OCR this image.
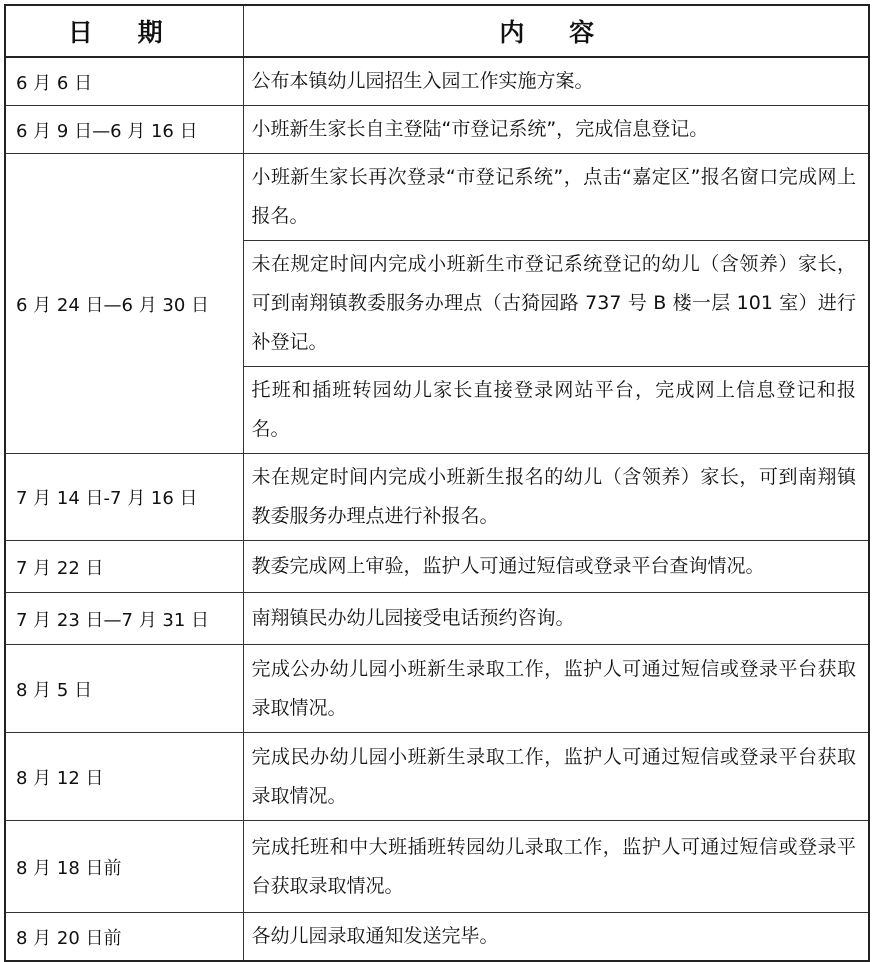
日 期	内 容
6 月 6 日	公布本镇幼儿园招生入园工作实施方案。
6 月 9 日—6 月 16 日	小班新生家长自主登陆“市登记系统”，完成信息登记。
6 月 24 日—6 月 30 日	小班新生家长再次登录“市登记系统”，点击“嘉定区”报名窗口完成网上报名。
	未在规定时间内完成小班新生市登记系统登记的幼儿（含领养）家长，可到南翔镇教委服务办理点（古猗园路 737 号 B 楼一层 101 室）进行补登记。
	托班和插班转园幼儿家长直接登录网站平台，完成网上信息登记和报名。
7 月 14 日-7 月 16 日	未在规定时间内完成小班新生报名的幼儿（含领养）家长，可到南翔镇教委服务办理点进行补报名。
7 月 22 日	教委完成网上审验，监护人可通过短信或登录平台查询情况。
7 月 23 日—7 月 31 日	南翔镇民办幼儿园接受电话预约咨询。
8 月 5 日	完成公办幼儿园小班新生录取工作，监护人可通过短信或登录平台获取录取情况。
8 月 12 日	完成民办幼儿园小班新生录取工作，监护人可通过短信或登录平台获取录取情况。
8 月 18 日前	完成托班和中大班插班转园幼儿录取工作，监护人可通过短信或登录平台获取录取情况。
8 月 20 日前	各幼儿园录取通知发送完毕。
